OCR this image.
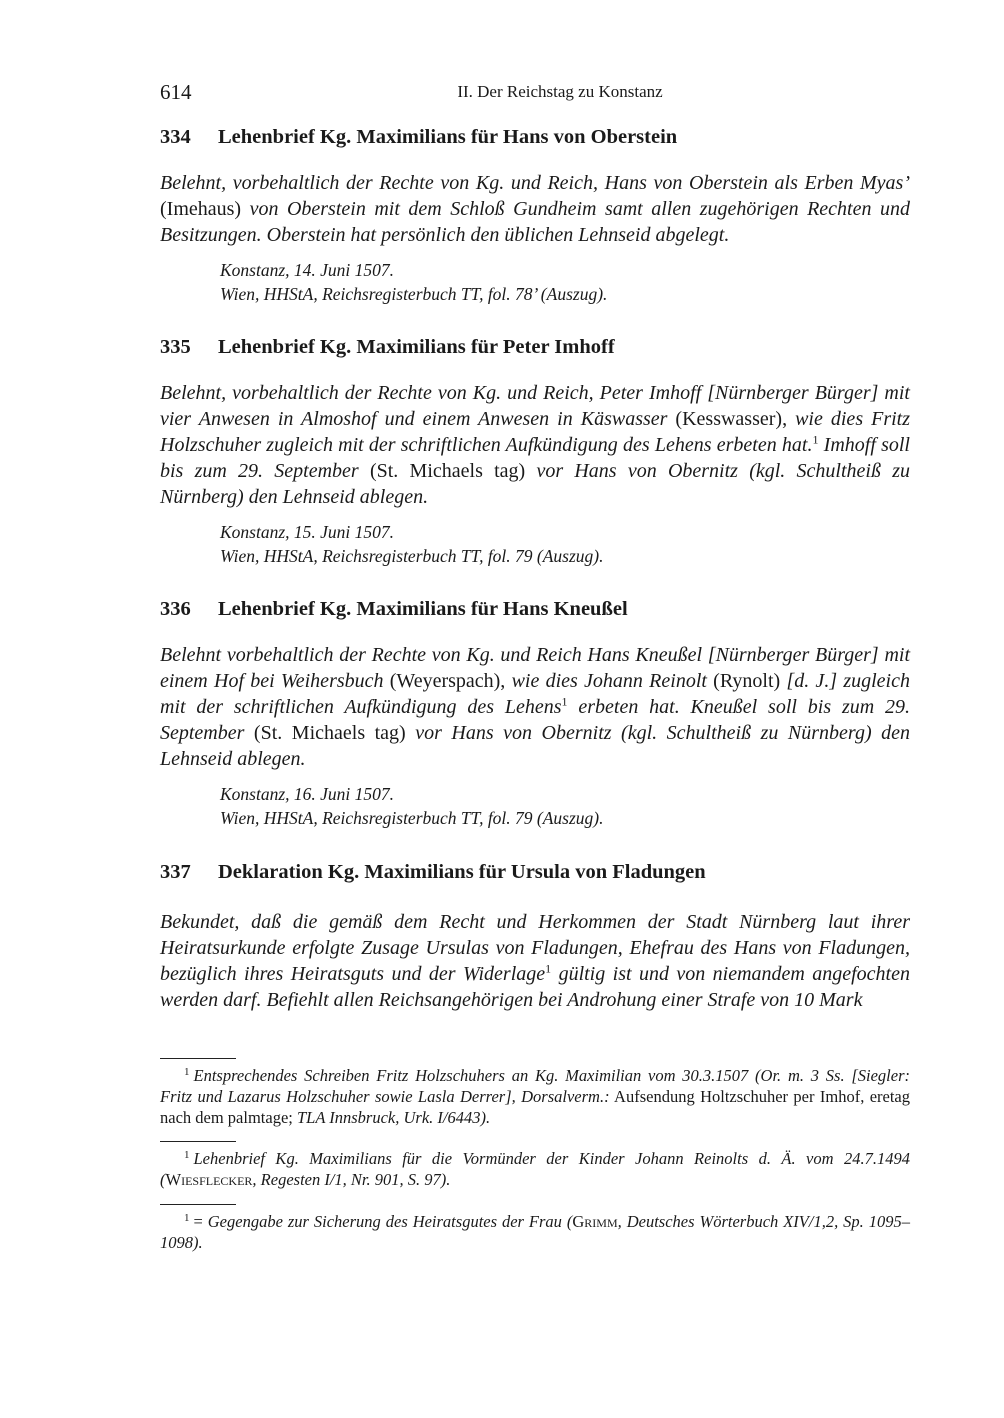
614	II. Der Reichstag zu Konstanz
334 Lehenbrief Kg. Maximilians für Hans von Oberstein

Belehnt, vorbehaltlich der Rechte von Kg. und Reich, Hans von Oberstein als Erben Myas’ (Imehaus) von Oberstein mit dem Schloß Gundheim samt allen zugehörigen Rechten und Besitzungen. Oberstein hat persönlich den üblichen Lehnseid abgelegt.

Konstanz, 14. Juni 1507.
Wien, HHStA, Reichsregisterbuch TT, fol. 78’ (Auszug).
335 Lehenbrief Kg. Maximilians für Peter Imhoff

Belehnt, vorbehaltlich der Rechte von Kg. und Reich, Peter Imhoff [Nürnberger Bürger] mit vier Anwesen in Almoshof und einem Anwesen in Käswasser (Kesswasser), wie dies Fritz Holzschuher zugleich mit der schriftlichen Aufkündigung des Lehens erbeten hat.$^1$ Imhoff soll bis zum 29. September (St. Michaels tag) vor Hans von Obernitz (kgl. Schultheiß zu Nürnberg) den Lehnseid ablegen.

Konstanz, 15. Juni 1507.
Wien, HHStA, Reichsregisterbuch TT, fol. 79 (Auszug).
336 Lehenbrief Kg. Maximilians für Hans Kneußel

Belehnt vorbehaltlich der Rechte von Kg. und Reich Hans Kneußel [Nürnberger Bürger] mit einem Hof bei Weihersbuch (Weyerspach), wie dies Johann Reinolt (Rynolt) [d. J.] zugleich mit der schriftlichen Aufkündigung des Lehens$^1$ erbeten hat. Kneußel soll bis zum 29. September (St. Michaels tag) vor Hans von Obernitz (kgl. Schultheiß zu Nürnberg) den Lehnseid ablegen.

Konstanz, 16. Juni 1507.
Wien, HHStA, Reichsregisterbuch TT, fol. 79 (Auszug).
337 Deklaration Kg. Maximilians für Ursula von Fladungen

Bekundet, daß die gemäß dem Recht und Herkommen der Stadt Nürnberg laut ihrer Heiratsurkunde erfolgte Zusage Ursulas von Fladungen, Ehefrau des Hans von Fladungen, bezüglich ihres Heiratsguts und der Widerlage$^1$ gültig ist und von niemandem angefochten werden darf. Befiehlt allen Reichsangehörigen bei Androhung einer Strafe von 10 Mark

$^1$ Entsprechendes Schreiben Fritz Holzschuhers an Kg. Maximilian vom 30.3.1507 (Or. m. 3 Ss. [Siegler: Fritz und Lazarus Holzschuher sowie Lasla Derrer], Dorsalverm.: Aufsendung Holtzschuher per Imhof, eretag nach dem palmtage; TLA Innsbruck, Urk. I/6443).

$^1$ Lehenbrief Kg. Maximilians für die Vormünder der Kinder Johann Reinolts d. Ä. vom 24.7.1494 (Wiesflecker, Regesten I/1, Nr. 901, S. 97).

$^1$ = Gegengabe zur Sicherung des Heiratsgutes der Frau (Grimm, Deutsches Wörterbuch XIV/1,2, Sp. 1095–1098).
